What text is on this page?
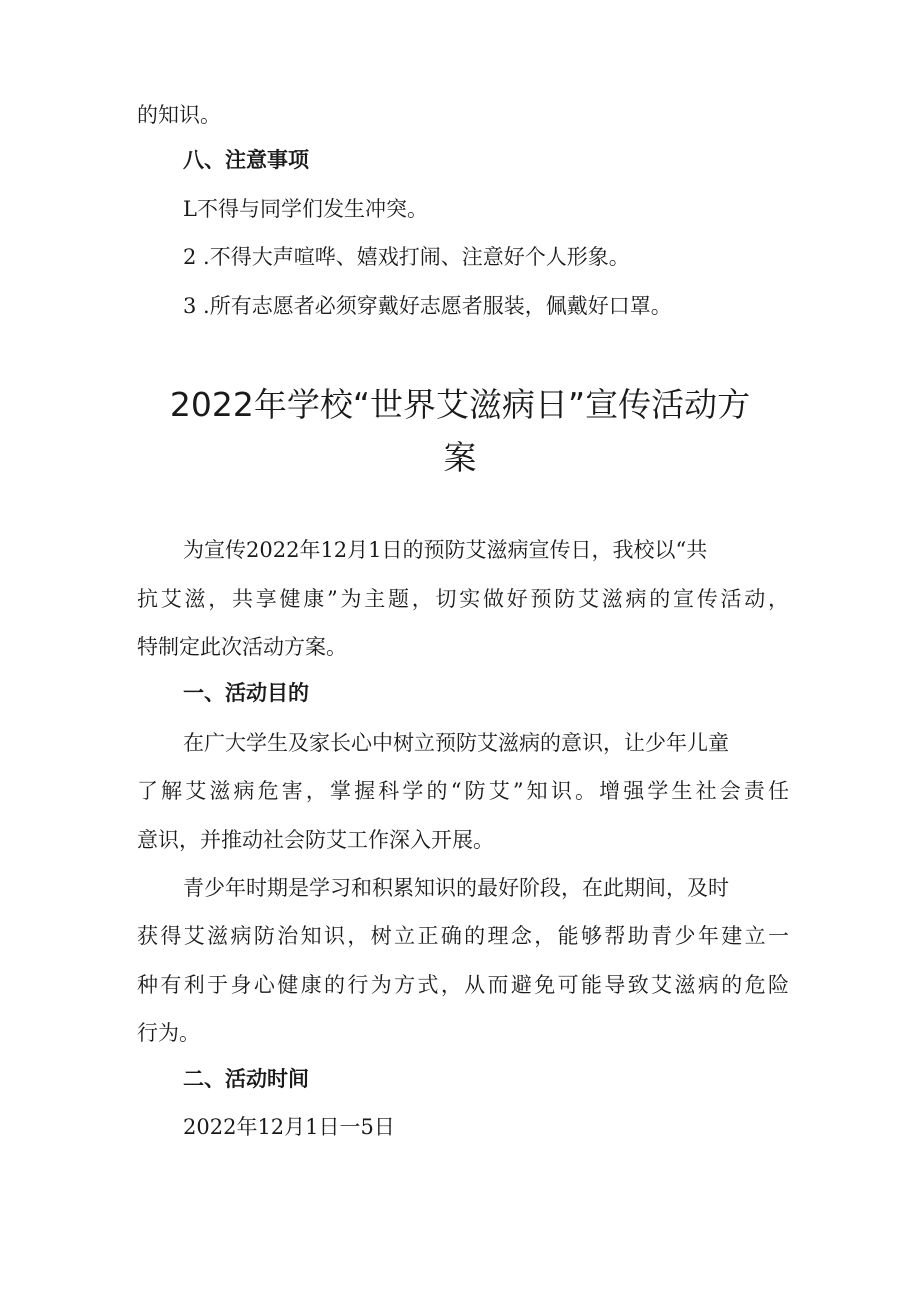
的知识。

八、注意事项

L不得与同学们发生冲突。

2 .不得大声喧哗、嬉戏打闹、注意好个人形象。

3 .所有志愿者必须穿戴好志愿者服装，佩戴好口罩。

2022年学校“世界艾滋病日”宣传活动方
案

为宣传2022年12月1日的预防艾滋病宣传日，我校以“共

抗艾滋，共享健康”为主题，切实做好预防艾滋病的宣传活动，

特制定此次活动方案。

一、活动目的

在广大学生及家长心中树立预防艾滋病的意识，让少年儿童

了解艾滋病危害，掌握科学的“防艾”知识。增强学生社会责任

意识，并推动社会防艾工作深入开展。

青少年时期是学习和积累知识的最好阶段，在此期间，及时

获得艾滋病防治知识，树立正确的理念，能够帮助青少年建立一

种有利于身心健康的行为方式，从而避免可能导致艾滋病的危险

行为。

二、活动时间

2022年12月1日一5日
